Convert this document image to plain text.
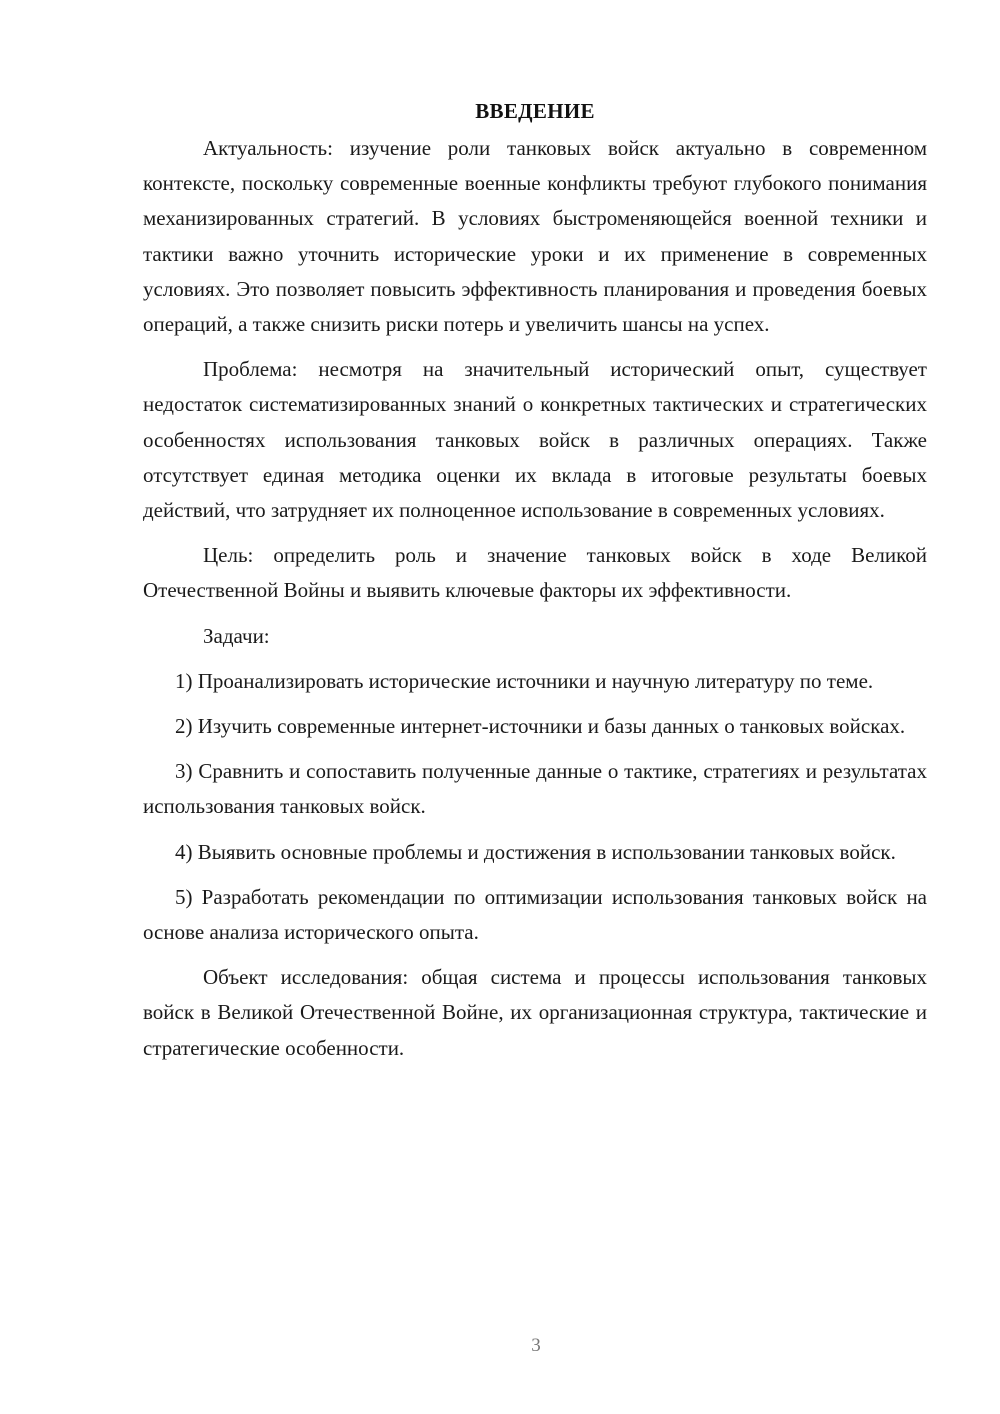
ВВЕДЕНИЕ

Актуальность: изучение роли танковых войск актуально в современном контексте, поскольку современные военные конфликты требуют глубокого понимания механизированных стратегий. В условиях быстроменяющейся военной техники и тактики важно уточнить исторические уроки и их применение в современных условиях. Это позволяет повысить эффективность планирования и проведения боевых операций, а также снизить риски потерь и увеличить шансы на успех.

Проблема: несмотря на значительный исторический опыт, существует недостаток систематизированных знаний о конкретных тактических и стратегических особенностях использования танковых войск в различных операциях. Также отсутствует единая методика оценки их вклада в итоговые результаты боевых действий, что затрудняет их полноценное использование в современных условиях.

Цель: определить роль и значение танковых войск в ходе Великой Отечественной Войны и выявить ключевые факторы их эффективности.

Задачи:

1) Проанализировать исторические источники и научную литературу по теме.

2) Изучить современные интернет-источники и базы данных о танковых войсках.

3) Сравнить и сопоставить полученные данные о тактике, стратегиях и результатах использования танковых войск.

4) Выявить основные проблемы и достижения в использовании танковых войск.

5) Разработать рекомендации по оптимизации использования танковых войск на основе анализа исторического опыта.

Объект исследования: общая система и процессы использования танковых войск в Великой Отечественной Войне, их организационная структура, тактические и стратегические особенности.

3
